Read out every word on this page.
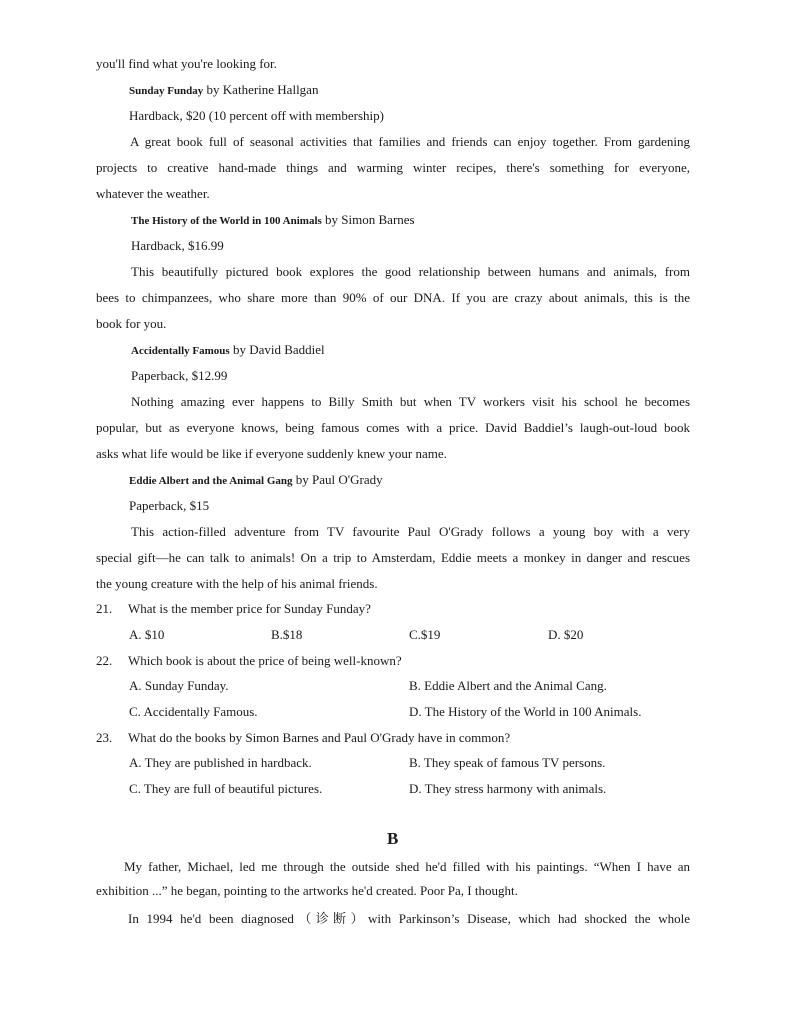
you'll find what you're looking for.
Sunday Funday by Katherine Hallgan
Hardback, $20 (10 percent off with membership)
A great book full of seasonal activities that families and friends can enjoy together. From gardening
projects to creative hand-made things and warming winter recipes, there's something for everyone,
whatever the weather.
The History of the World in 100 Animals by Simon Barnes
Hardback, $16.99
This beautifully pictured book explores the good relationship between humans and animals, from
bees to chimpanzees, who share more than 90% of our DNA. If you are crazy about animals, this is the
book for you.
Accidentally Famous by David Baddiel
Paperback, $12.99
Nothing amazing ever happens to Billy Smith but when TV workers visit his school he becomes
popular, but as everyone knows, being famous comes with a price. David Baddiel’s laugh-out-loud book
asks what life would be like if everyone suddenly knew your name.
Eddie Albert and the Animal Gang by Paul O'Grady
Paperback, $15
This action-filled adventure from TV favourite Paul O'Grady follows a young boy with a very
special gift—he can talk to animals! On a trip to Amsterdam, Eddie meets a monkey in danger and rescues
the young creature with the help of his animal friends.
21. What is the member price for Sunday Funday?
A. $10	B.$18	C.$19	D. $20
22. Which book is about the price of being well-known?
A. Sunday Funday.	B. Eddie Albert and the Animal Cang.
C. Accidentally Famous.	D. The History of the World in 100 Animals.
23. What do the books by Simon Barnes and Paul O'Grady have in common?
A. They are published in hardback.	B. They speak of famous TV persons.
C. They are full of beautiful pictures.	D. They stress harmony with animals.
B
My father, Michael, led me through the outside shed he'd filled with his paintings. “When I have an
exhibition ...” he began, pointing to the artworks he'd created. Poor Pa, I thought.
In 1994 he'd been diagnosed（诊断）with Parkinson’s Disease, which had shocked the whole
